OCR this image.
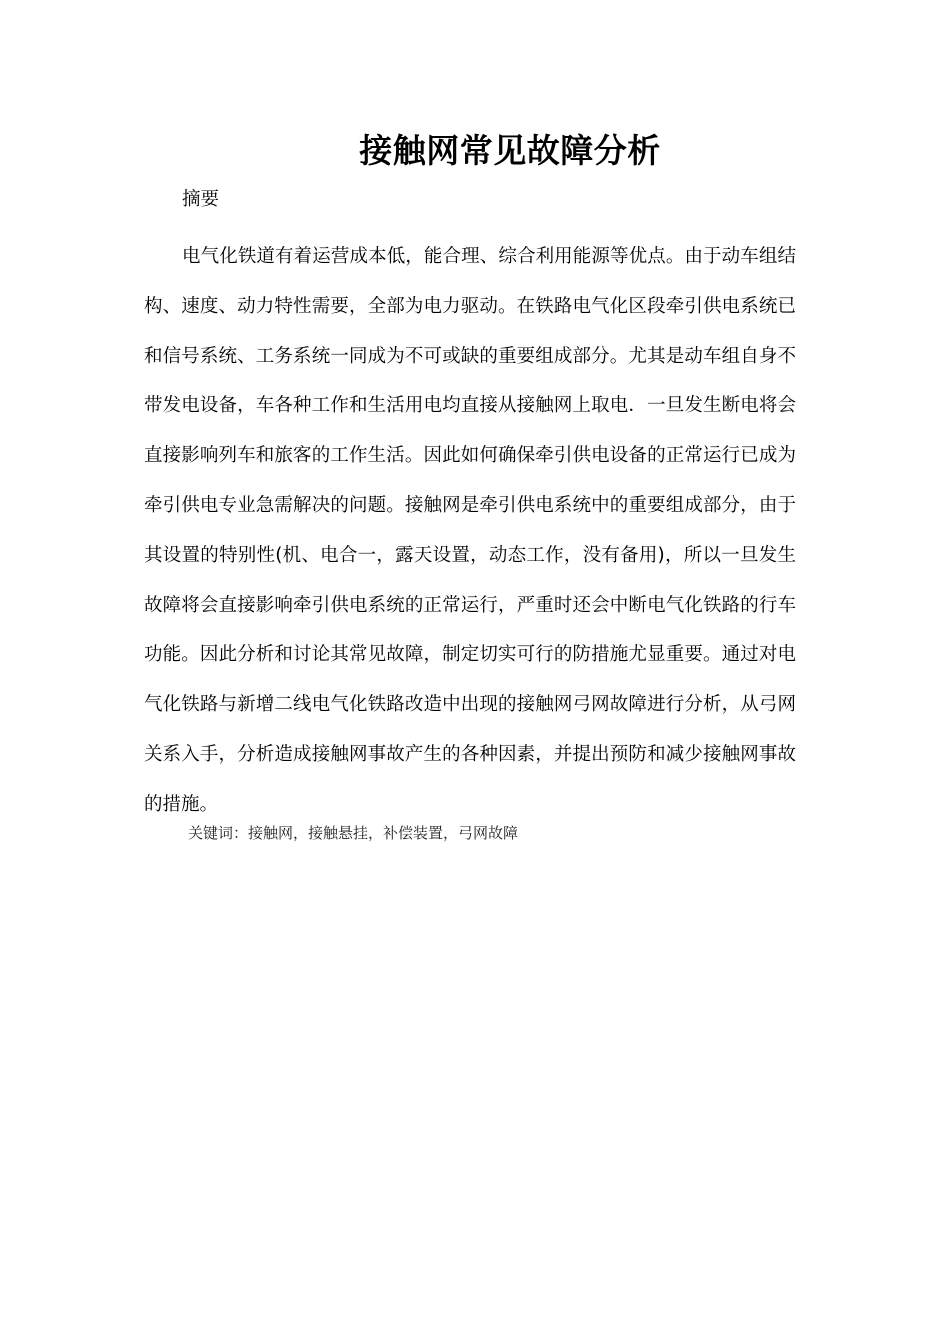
接触网常见故障分析
摘要

电气化铁道有着运营成本低，能合理、综合利用能源等优点。由于动车组结构、速度、动力特性需要，全部为电力驱动。在铁路电气化区段牵引供电系统已和信号系统、工务系统一同成为不可或缺的重要组成部分。尤其是动车组自身不带发电设备，车各种工作和生活用电均直接从接触网上取电．一旦发生断电将会直接影响列车和旅客的工作生活。因此如何确保牵引供电设备的正常运行已成为牵引供电专业急需解决的问题。接触网是牵引供电系统中的重要组成部分，由于其设置的特别性(机、电合一，露天设置，动态工作，没有备用)，所以一旦发生故障将会直接影响牵引供电系统的正常运行，严重时还会中断电气化铁路的行车功能。因此分析和讨论其常见故障，制定切实可行的防措施尤显重要。通过对电气化铁路与新增二线电气化铁路改造中出现的接触网弓网故障进行分析，从弓网关系入手，分析造成接触网事故产生的各种因素，并提出预防和减少接触网事故的措施。

关键词：接触网，接触悬挂，补偿装置，弓网故障
